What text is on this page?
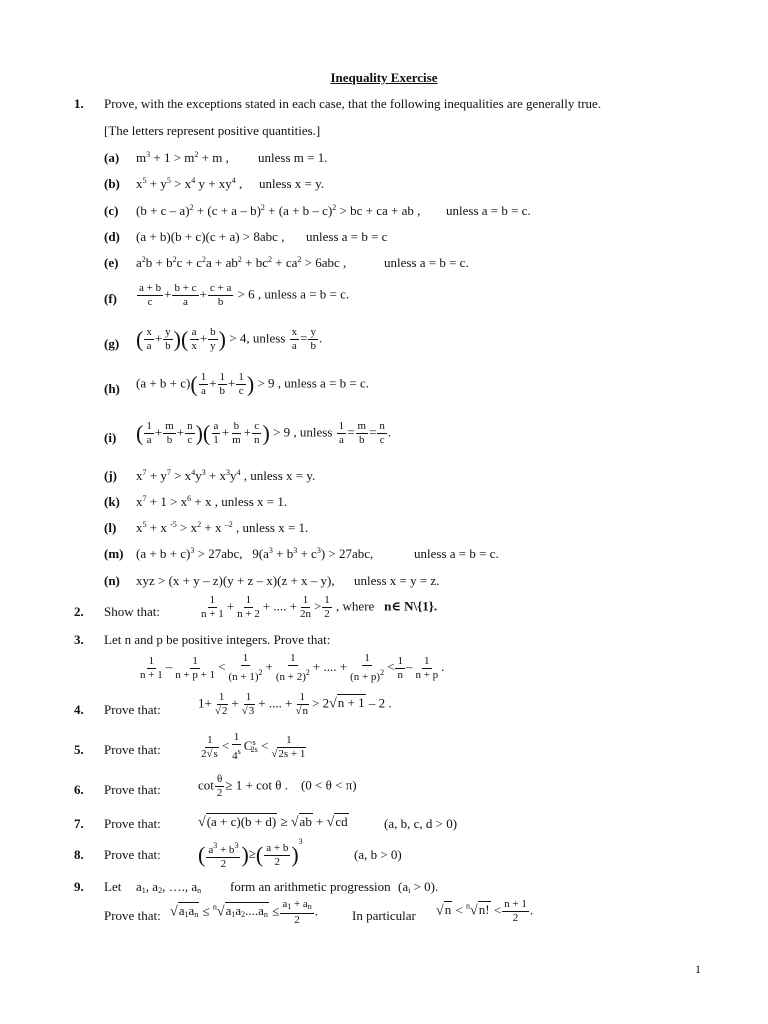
Inequality Exercise
1. Prove, with the exceptions stated in each case, that the following inequalities are generally true.
[The letters represent positive quantities.]
(a) $m^3 + 1 > m^2 + m$ , unless m = 1.
(b) $x^5 + y^5 > x^4$ $y + xy^4$ , unless x = y.
(c) $(b + c - a)^2 + (c + a - b)^2 + (a + b - c)^2$ > bc + ca + ab , unless a = b = c.
(d) (a + b)(b + c)(c + a) > 8abc , unless a = b = c
(e) $a^2b + b^2c + c^2a + ab^2 + bc^2 + ca^2 > 6abc$ ,	unless a = b = c.
$(f) \frac{a + b}{c} + \frac{b + c}{a} + \frac{c + a}{b} > 6$ , unless a = b = c.
(g) ( $\frac{x}{a} + \frac{y}{b}$ )( $\frac{a}{x} + \frac{b}{y}$ ) > 4, unless $\frac{x}{a} = \frac{y}{b}$ .
(h) $(a + b + c)( \frac{1}{a} + \frac{1}{b} + \frac{1}{c}$ ) > 9 , unless a = b = c.
(i) ( $\frac{1}{a} + \frac{m}{b} + \frac{n}{c}$ )( $\frac{a}{1} + \frac{b}{m} + \frac{c}{n}$ ) > 9 , unless $\frac{1}{a} = \frac{m}{b} = \frac{n}{c}$ .
(j) $x^7 + y^7 > x^4y^3 + x^3y^4$ , unless x = y.
(k) $x^7 + 1 > x^6 + x$ , unless x = 1.
(l) $x^5 + x$ $^{-5} > x^2 + x$ $^{-2}$ , unless x = 1.
(m) $(a + b + c)^3 > 27abc$,   $9(a^3 + b^3 + c^3) > 27abc$,	unless a = b = c.
(n) xyz > (x + y – z)(y + z – x)(z + x – y), unless x = y = z.
2. Show that:	$\frac{1}{n + 1} + \frac{1}{n + 2}$ + .... + $\frac{1}{2n} > \frac{1}{2}$ , where n∈ N\{1}.
3. Let n and p be positive integers. Prove that:
$\frac{1}{n + 1} - \frac{1}{n + p + 1} < \frac{1}{(n + 1)^2} + \frac{1}{(n + 2)^2}$ + .... + $\frac{1}{(n + p)^2} < \frac{1}{n} - \frac{1}{n + p}$ .
4. Prove that:	$1+ \frac{1}{√2} + \frac{1}{√3}$ + .... + $\frac{1}{√n} > 2√n + 1 - 2$ .
5. Prove that:	$\frac{1}{2√s} < \frac{1}{4^s} C^s_{2s} < \frac{1}{√2s + 1}$
6. Prove that:	$\cot \frac{\theta}{2} \ge 1 + \cot \theta$ .    (0 < θ < π)
7. Prove that:	√(a + c)(b + d) ≥ √ab + √cd	(a, b, c, d > 0)
8. Prove that: ( $\frac{a^3 + b^3}{2}$ )≥( $\frac{a + b}{2} )^3$
(a, b > 0)
9. Let $a_1$, $a_2$, …., $a_n$ form an arithmetic progression $(a_i > 0)$.
Prove that: $√a_1a_n \le ^n√a_1a_2....a_n \le \frac{a_1 + a_n}{2}$ .	In particular √n < $^n$√n! < $\frac{n + 1}{2}$ .
1
